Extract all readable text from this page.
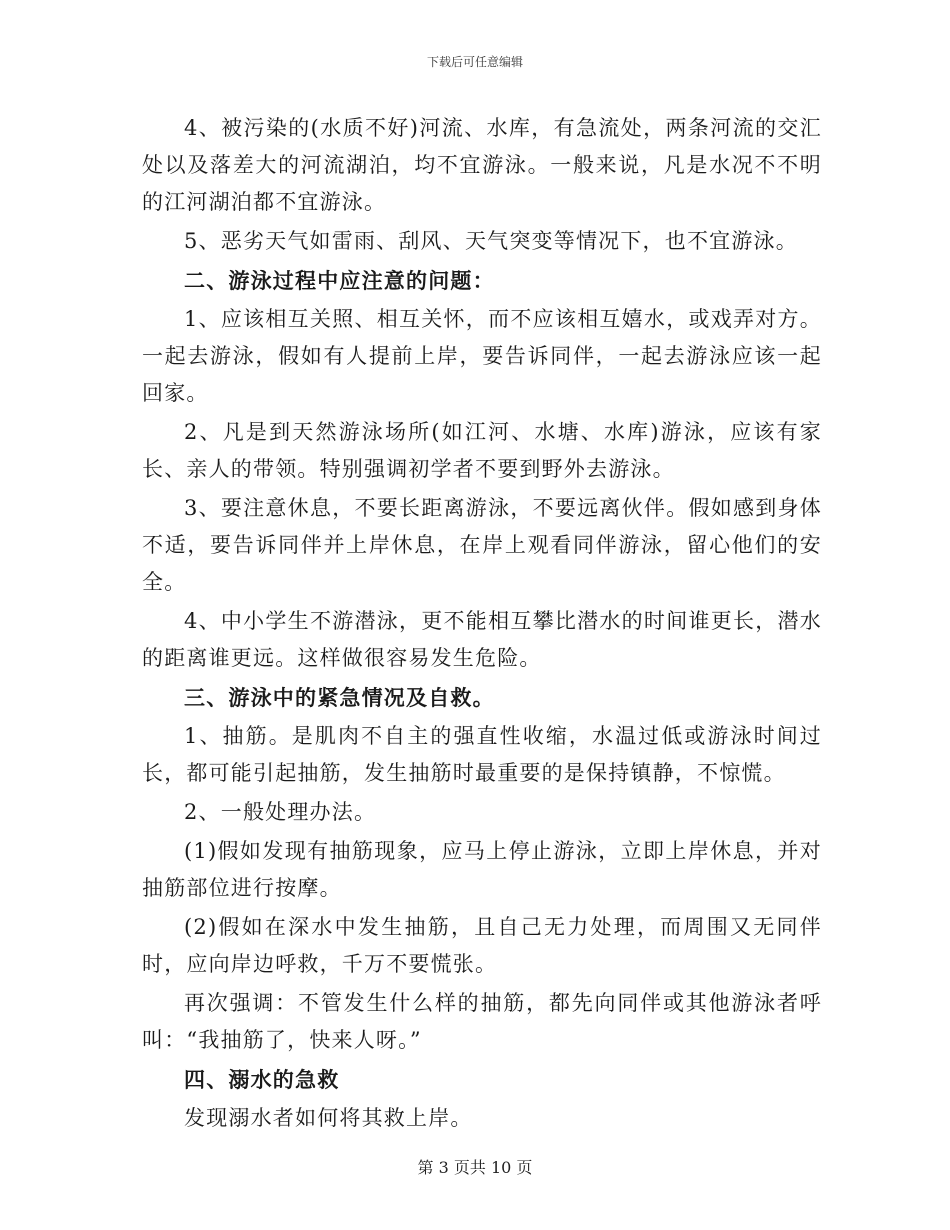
下载后可任意编辑

4、被污染的(水质不好)河流、水库，有急流处，两条河流的交汇处以及落差大的河流湖泊，均不宜游泳。一般来说，凡是水况不不明的江河湖泊都不宜游泳。

5、恶劣天气如雷雨、刮风、天气突变等情况下，也不宜游泳。

二、游泳过程中应注意的问题：

1、应该相互关照、相互关怀，而不应该相互嬉水，或戏弄对方。一起去游泳，假如有人提前上岸，要告诉同伴，一起去游泳应该一起回家。

2、凡是到天然游泳场所(如江河、水塘、水库)游泳，应该有家长、亲人的带领。特别强调初学者不要到野外去游泳。

3、要注意休息，不要长距离游泳，不要远离伙伴。假如感到身体不适，要告诉同伴并上岸休息，在岸上观看同伴游泳，留心他们的安全。

4、中小学生不游潜泳，更不能相互攀比潜水的时间谁更长，潜水的距离谁更远。这样做很容易发生危险。

三、游泳中的紧急情况及自救。

1、抽筋。是肌肉不自主的强直性收缩，水温过低或游泳时间过长，都可能引起抽筋，发生抽筋时最重要的是保持镇静，不惊慌。

2、一般处理办法。

(1)假如发现有抽筋现象，应马上停止游泳，立即上岸休息，并对抽筋部位进行按摩。

(2)假如在深水中发生抽筋，且自己无力处理，而周围又无同伴时，应向岸边呼救，千万不要慌张。

再次强调：不管发生什么样的抽筋，都先向同伴或其他游泳者呼叫：“我抽筋了，快来人呀。”

四、溺水的急救

发现溺水者如何将其救上岸。

第 3 页共 10 页
